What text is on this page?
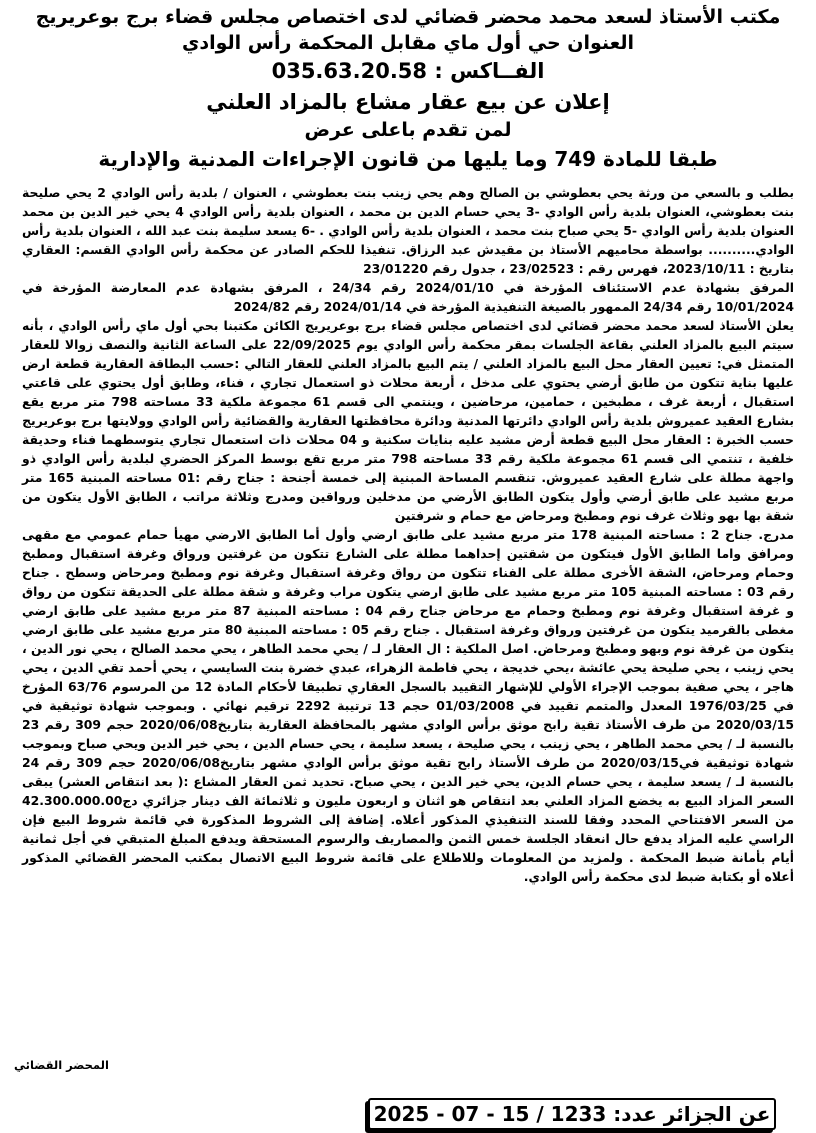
مكتب الأستاذ لسعد محمد محضر قضائي لدى اختصاص مجلس قضاء برج بوعريريج
العنوان حي أول ماي مقابل المحكمة رأس الوادي
الفــاكس : 035.63.20.58
إعلان عن بيع عقار مشاع بالمزاد العلني
لمن تقدم باعلى عرض
طبقا للمادة 749 وما يليها من قانون الإجراءات المدنية والإدارية

بطلب و بالسعي من ورثة يحي بعطوشي بن الصالح وهم يحي زينب بنت بعطوشي ، العنوان / بلدية رأس الوادي 2 يحي صليحة بنت بعطوشي، العنوان بلدية رأس الوادي -3 يحي حسام الدين بن محمد ، العنوان بلدية رأس الوادي 4 يحي خير الدين بن محمد العنوان بلدية رأس الوادي -5 يحي صباح بنت محمد ، العنوان بلدية رأس الوادي . -6 يسعد سليمة بنت عبد الله ، العنوان بلدية رأس الوادي.......... بواسطة محاميهم الأستاذ بن مقيدش عبد الرزاق. تنفيذا للحكم الصادر عن محكمة رأس الوادي القسم: العقاري بتاريخ : 2023/10/11، فهرس رقم : 23/02523 ، جدول رقم 23/01220

المرفق بشهادة عدم الاستئناف المؤرخة في 2024/01/10 رقم 24/34 ، المرفق بشهادة عدم المعارضة المؤرخة في 10/01/2024 رقم 24/34 الممهور بالصيغة التنفيذية المؤرخة في 2024/01/14 رقم 2024/82

يعلن الأستاذ لسعد محمد محضر قضائي لدى اختصاص مجلس قضاء برج بوعريريج الكائن مكتبنا بحي أول ماي رأس الوادي ، بأنه سيتم البيع بالمزاد العلني بقاعة الجلسات بمقر محكمة رأس الوادي يوم 22/09/2025 على الساعة الثانية والنصف زوالا للعقار المتمثل في: تعيين العقار محل البيع بالمزاد العلني / يتم البيع بالمزاد العلني للعقار التالي :حسب البطاقة العقارية قطعة ارض عليها بناية تتكون من طابق أرضي يحتوي على مدخل ، أربعة محلات ذو استعمال تجاري ، فناء، وطابق أول يحتوي على قاعتي استقبال ، أربعة غرف ، مطبخين ، حمامين، مرحاضين ، وينتمي الى قسم 61 مجموعة ملكية 33 مساحته 798 متر مربع يقع بشارع العقيد عميروش بلدية رأس الوادي دائرتها المدنية ودائرة محافظتها العقارية والقضائية رأس الوادي وولايتها برج بوعريريج

حسب الخبرة : العقار محل البيع قطعة أرض مشيد عليه بنايات سكنية و 04 محلات ذات استعمال تجاري يتوسطهما فناء وحديقة خلفية ، تنتمي الى قسم 61 مجموعة ملكية رقم 33 مساحته 798 متر مربع تقع بوسط المركز الحضري لبلدية رأس الوادي ذو واجهة مطلة على شارع العقيد عميروش. تنقسم المساحة المبنية إلى خمسة أجنحة : جناح رقم :01 مساحته المبنية 165 متر مربع مشيد على طابق أرضي وأول يتكون الطابق الأرضي من مدخلين ورواقين ومدرج وثلاثة مراتب ، الطابق الأول يتكون من شقة بها بهو وثلاث غرف نوم ومطبخ ومرحاض مع حمام و شرفتين

مدرج. جناح 2 : مساحته المبنية 178 متر مربع مشيد على طابق ارضي وأول أما الطابق الارضي مهيأ حمام عمومي مع مقهى ومرافق واما الطابق الأول فيتكون من شقتين إحداهما مطلة على الشارع تتكون من غرفتين ورواق وغرفة استقبال ومطبخ وحمام ومرحاض، الشقة الأخرى مطلة على الفناء تتكون من رواق وغرفة استقبال وغرفة نوم ومطبخ ومرحاض وسطح . جناح رقم 03 : مساحته المبنية 105 متر مربع مشيد على طابق ارضي يتكون مراب وغرفة و شقة مطلة على الحديقة تتكون من رواق و غرفة استقبال وغرفة نوم ومطبخ وحمام مع مرحاض جناح رقم 04 : مساحته المبنية 87 متر مربع مشيد على طابق ارضي مغطى بالقرميد يتكون من غرفتين ورواق وغرفة استقبال . جناح رقم 05 : مساحته المبنية 80 متر مربع مشيد على طابق ارضي يتكون من غرفة نوم وبهو ومطبخ ومرحاض. اصل الملكية : ال العقار لـ / يحي محمد الطاهر ، يحي محمد الصالح ، يحي نور الدين ، يحي زينب ، يحي صليحة يحي عائشة ،يحي خديجة ، يحي فاطمة الزهراء، عبدي خضرة بنت السايسي ، يحي أحمد تقي الدين ، يحي هاجر ، يحي صفية بموجب الإجراء الأولي للإشهار التقييد بالسجل العقاري تطبيقا لأحكام المادة 12 من المرسوم 63/76 المؤرخ في 1976/03/25 المعدل والمتمم تقييد في 01/03/2008 حجم 13 ترتيبة 2292 ترقيم نهائي . وبموجب شهادة توثيقية في 2020/03/15 من طرف الأستاذ تقية رابح موثق برأس الوادي مشهر بالمحافظة العقارية بتاريخ2020/06/08 حجم 309 رقم 23 بالنسبة لـ / يحي محمد الطاهر ، يحي زينب ، يحي صليحة ، يسعد سليمة ، يحي حسام الدين ، يحي خير الدين ويحي صباح وبموجب شهادة توثيقية في2020/03/15 من طرف الأستاذ رابح تقية موثق برأس الوادي مشهر بتاريخ2020/06/08 حجم 309 رقم 24 بالنسبة لـ / يسعد سليمة ، يحي حسام الدين، يحي خير الدين ، يحي صباح. تحديد ثمن العقار المشاع :( بعد انتقاص العشر) يبقى السعر المزاد البيع به يخضع المزاد العلني بعد انتقاص هو اثنان و اربعون مليون و ثلاثمائة الف دينار جزائري دج42.300.000.00 من السعر الافتتاحي المحدد وفقا للسند التنفيذي المذكور أعلاه. إضافة إلى الشروط المذكورة في قائمة شروط البيع فإن الراسي عليه المزاد يدفع حال انعقاد الجلسة خمس الثمن والمصاريف والرسوم المستحقة ويدفع المبلغ المتبقي في أجل ثمانية أيام بأمانة ضبط المحكمة . ولمزيد من المعلومات وللاطلاع على قائمة شروط البيع الاتصال بمكتب المحضر القضائي المذكور أعلاه أو بكتابة ضبط لدى محكمة رأس الوادي.

المحضر القضائي
عن الجزائر عدد: 1233 / 15 - 07 - 2025
